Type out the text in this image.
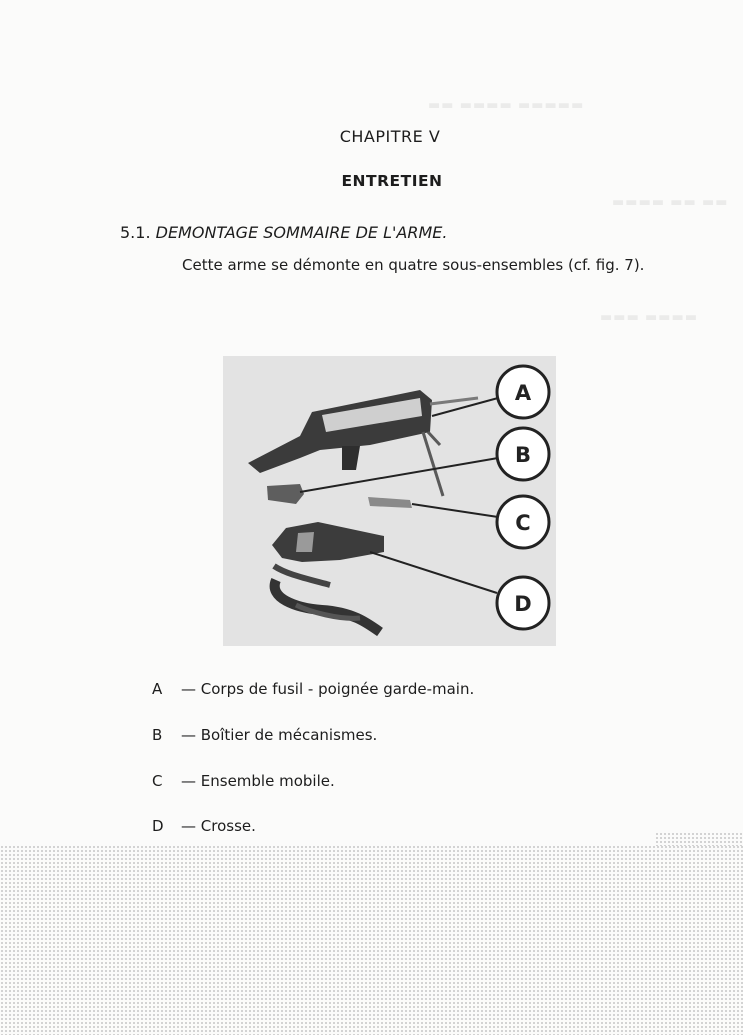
▬▬ ▬▬▬▬ ▬▬▬▬▬
▬▬▬▬ ▬▬ ▬▬
▬▬▬ ▬▬▬▬
CHAPITRE V
ENTRETIEN
5.1. DEMONTAGE SOMMAIRE DE L'ARME.
Cette arme se démonte en quatre sous-ensembles (cf. fig. 7).
A
B
C
D
A — Corps de fusil - poignée garde-main.
B — Boîtier de mécanismes.
C — Ensemble mobile.
D — Crosse.
